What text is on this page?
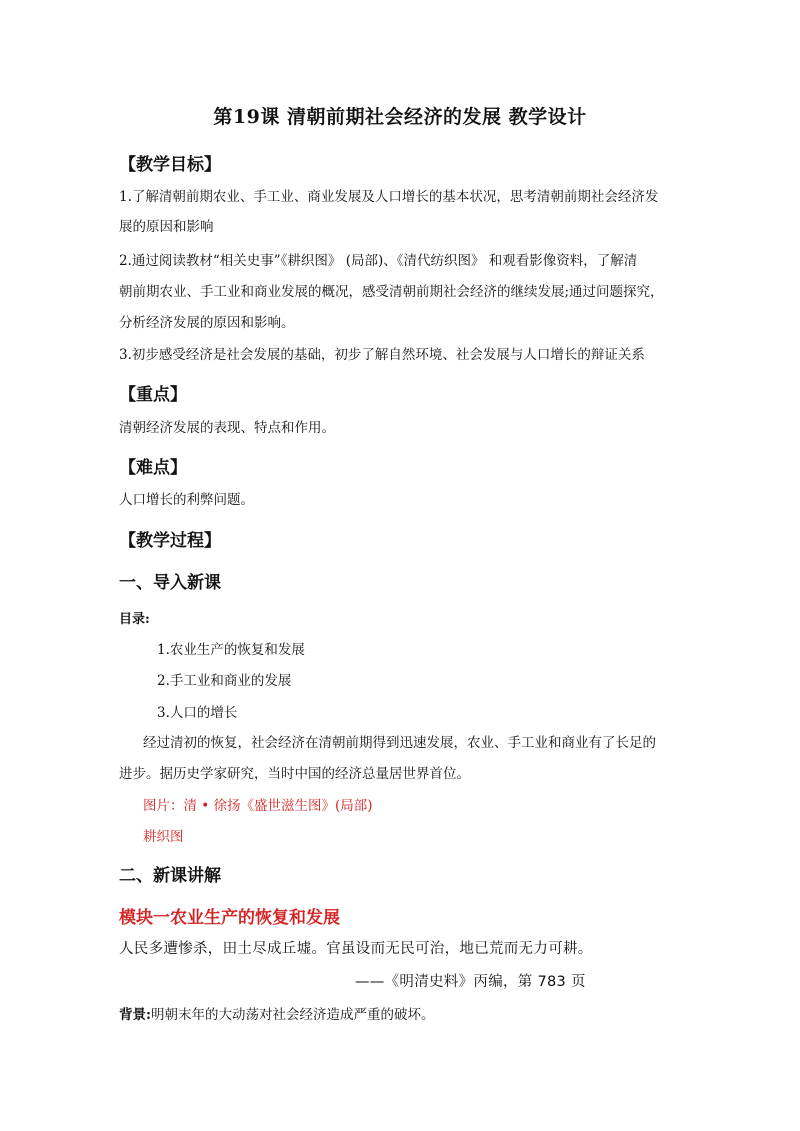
第19课 清朝前期社会经济的发展 教学设计
【教学目标】
1.了解清朝前期农业、手工业、商业发展及人口增长的基本状况，思考清朝前期社会经济发
展的原因和影响
2.通过阅读教材“相关史事”《耕织图》 (局部)、《清代纺织图》 和观看影像资料，了解清
朝前期农业、手工业和商业发展的概况，感受清朝前期社会经济的继续发展;通过问题探究，
分析经济发展的原因和影响。
3.初步感受经济是社会发展的基础，初步了解自然环境、社会发展与人口增长的辩证关系
【重点】
清朝经济发展的表现、特点和作用。
【难点】
人口增长的利弊问题。
【教学过程】
一、导入新课
目录:
1.农业生产的恢复和发展
2.手工业和商业的发展
3.人口的增长
经过清初的恢复，社会经济在清朝前期得到迅速发展，农业、手工业和商业有了长足的
进步。据历史学家研究，当时中国的经济总量居世界首位。
图片：清 • 徐扬《盛世滋生图》(局部)
耕织图
二、新课讲解
模块一农业生产的恢复和发展
人民多遭惨杀，田土尽成丘墟。官虽设而无民可治，地已荒而无力可耕。
——《明清史料》丙编，第 783 页
背景:明朝末年的大动荡对社会经济造成严重的破坏。
